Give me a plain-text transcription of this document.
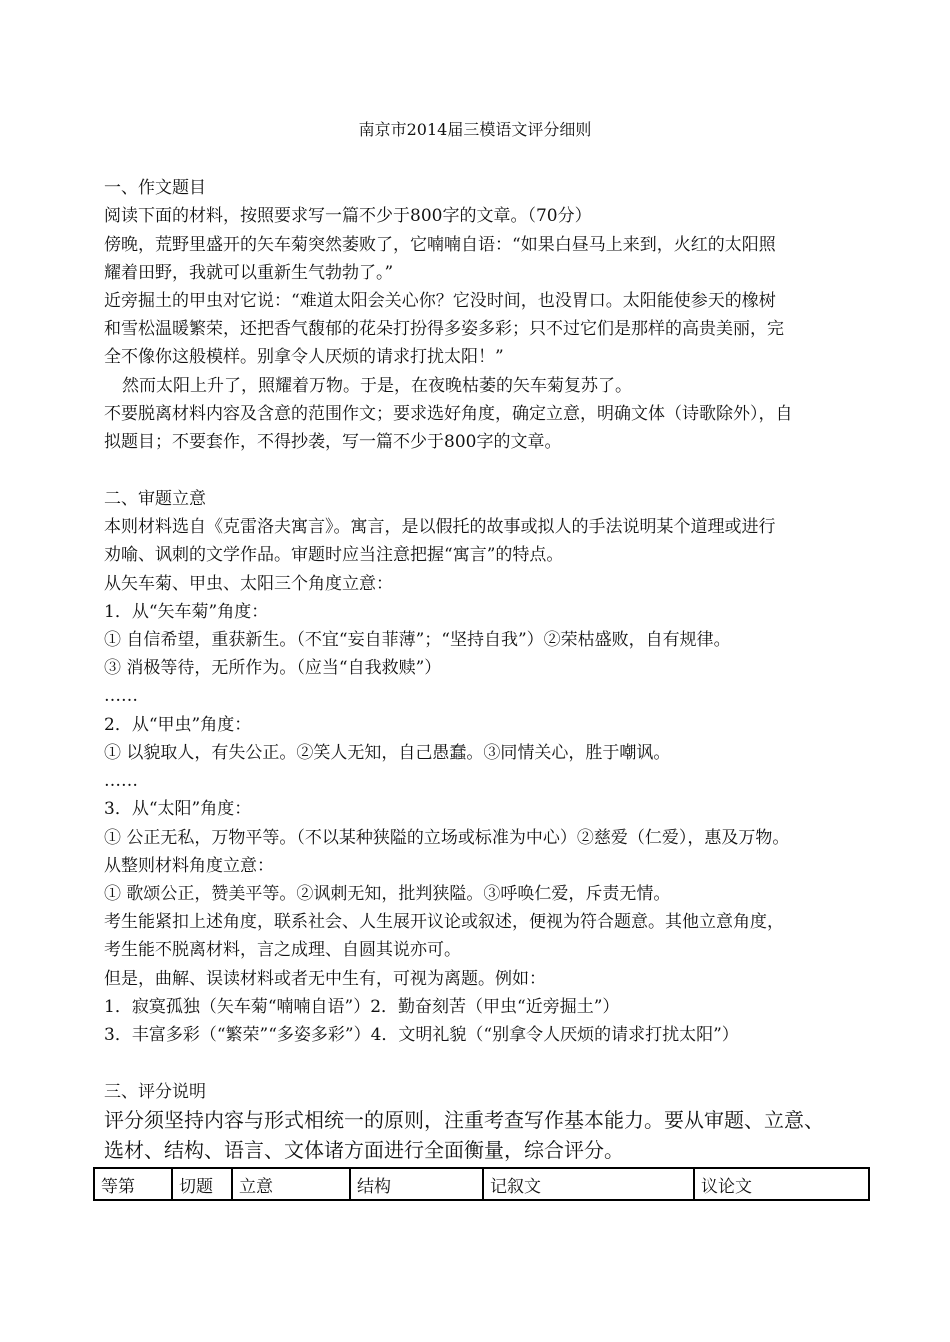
南京市2014届三模语文评分细则
一、作文题目
阅读下面的材料，按照要求写一篇不少于800字的文章。（70分）
傍晚，荒野里盛开的矢车菊突然萎败了，它喃喃自语：“如果白昼马上来到，火红的太阳照
耀着田野，我就可以重新生气勃勃了。”
近旁掘土的甲虫对它说：“难道太阳会关心你？它没时间，也没胃口。太阳能使参天的橡树
和雪松温暖繁荣，还把香气馥郁的花朵打扮得多姿多彩；只不过它们是那样的高贵美丽，完
全不像你这般模样。别拿令人厌烦的请求打扰太阳！”
然而太阳上升了，照耀着万物。于是，在夜晚枯萎的矢车菊复苏了。
不要脱离材料内容及含意的范围作文；要求选好角度，确定立意，明确文体（诗歌除外），自
拟题目；不要套作，不得抄袭，写一篇不少于800字的文章。
二、审题立意
本则材料选自《克雷洛夫寓言》。寓言，是以假托的故事或拟人的手法说明某个道理或进行
劝喻、讽刺的文学作品。审题时应当注意把握“寓言”的特点。
从矢车菊、甲虫、太阳三个角度立意：
1．从“矢车菊”角度：
① 自信希望，重获新生。（不宜“妄自菲薄”；“坚持自我”）②荣枯盛败，自有规律。
③ 消极等待，无所作为。（应当“自我救赎”）
……
2．从“甲虫”角度：
① 以貌取人，有失公正。②笑人无知，自己愚蠢。③同情关心，胜于嘲讽。
……
3．从“太阳”角度：
① 公正无私，万物平等。（不以某种狭隘的立场或标准为中心）②慈爱（仁爱），惠及万物。
从整则材料角度立意：
① 歌颂公正，赞美平等。②讽刺无知，批判狭隘。③呼唤仁爱，斥责无情。
考生能紧扣上述角度，联系社会、人生展开议论或叙述，便视为符合题意。其他立意角度，
考生能不脱离材料，言之成理、自圆其说亦可。
但是，曲解、误读材料或者无中生有，可视为离题。例如：
1．寂寞孤独（矢车菊“喃喃自语”）2．勤奋刻苦（甲虫“近旁掘土”）
3．丰富多彩（“繁荣”“多姿多彩”）4．文明礼貌（“别拿令人厌烦的请求打扰太阳”）
三、评分说明
评分须坚持内容与形式相统一的原则，注重考查写作基本能力。要从审题、立意、
选材、结构、语言、文体诸方面进行全面衡量，综合评分。
等第	切题	立意	结构	记叙文	议论文
